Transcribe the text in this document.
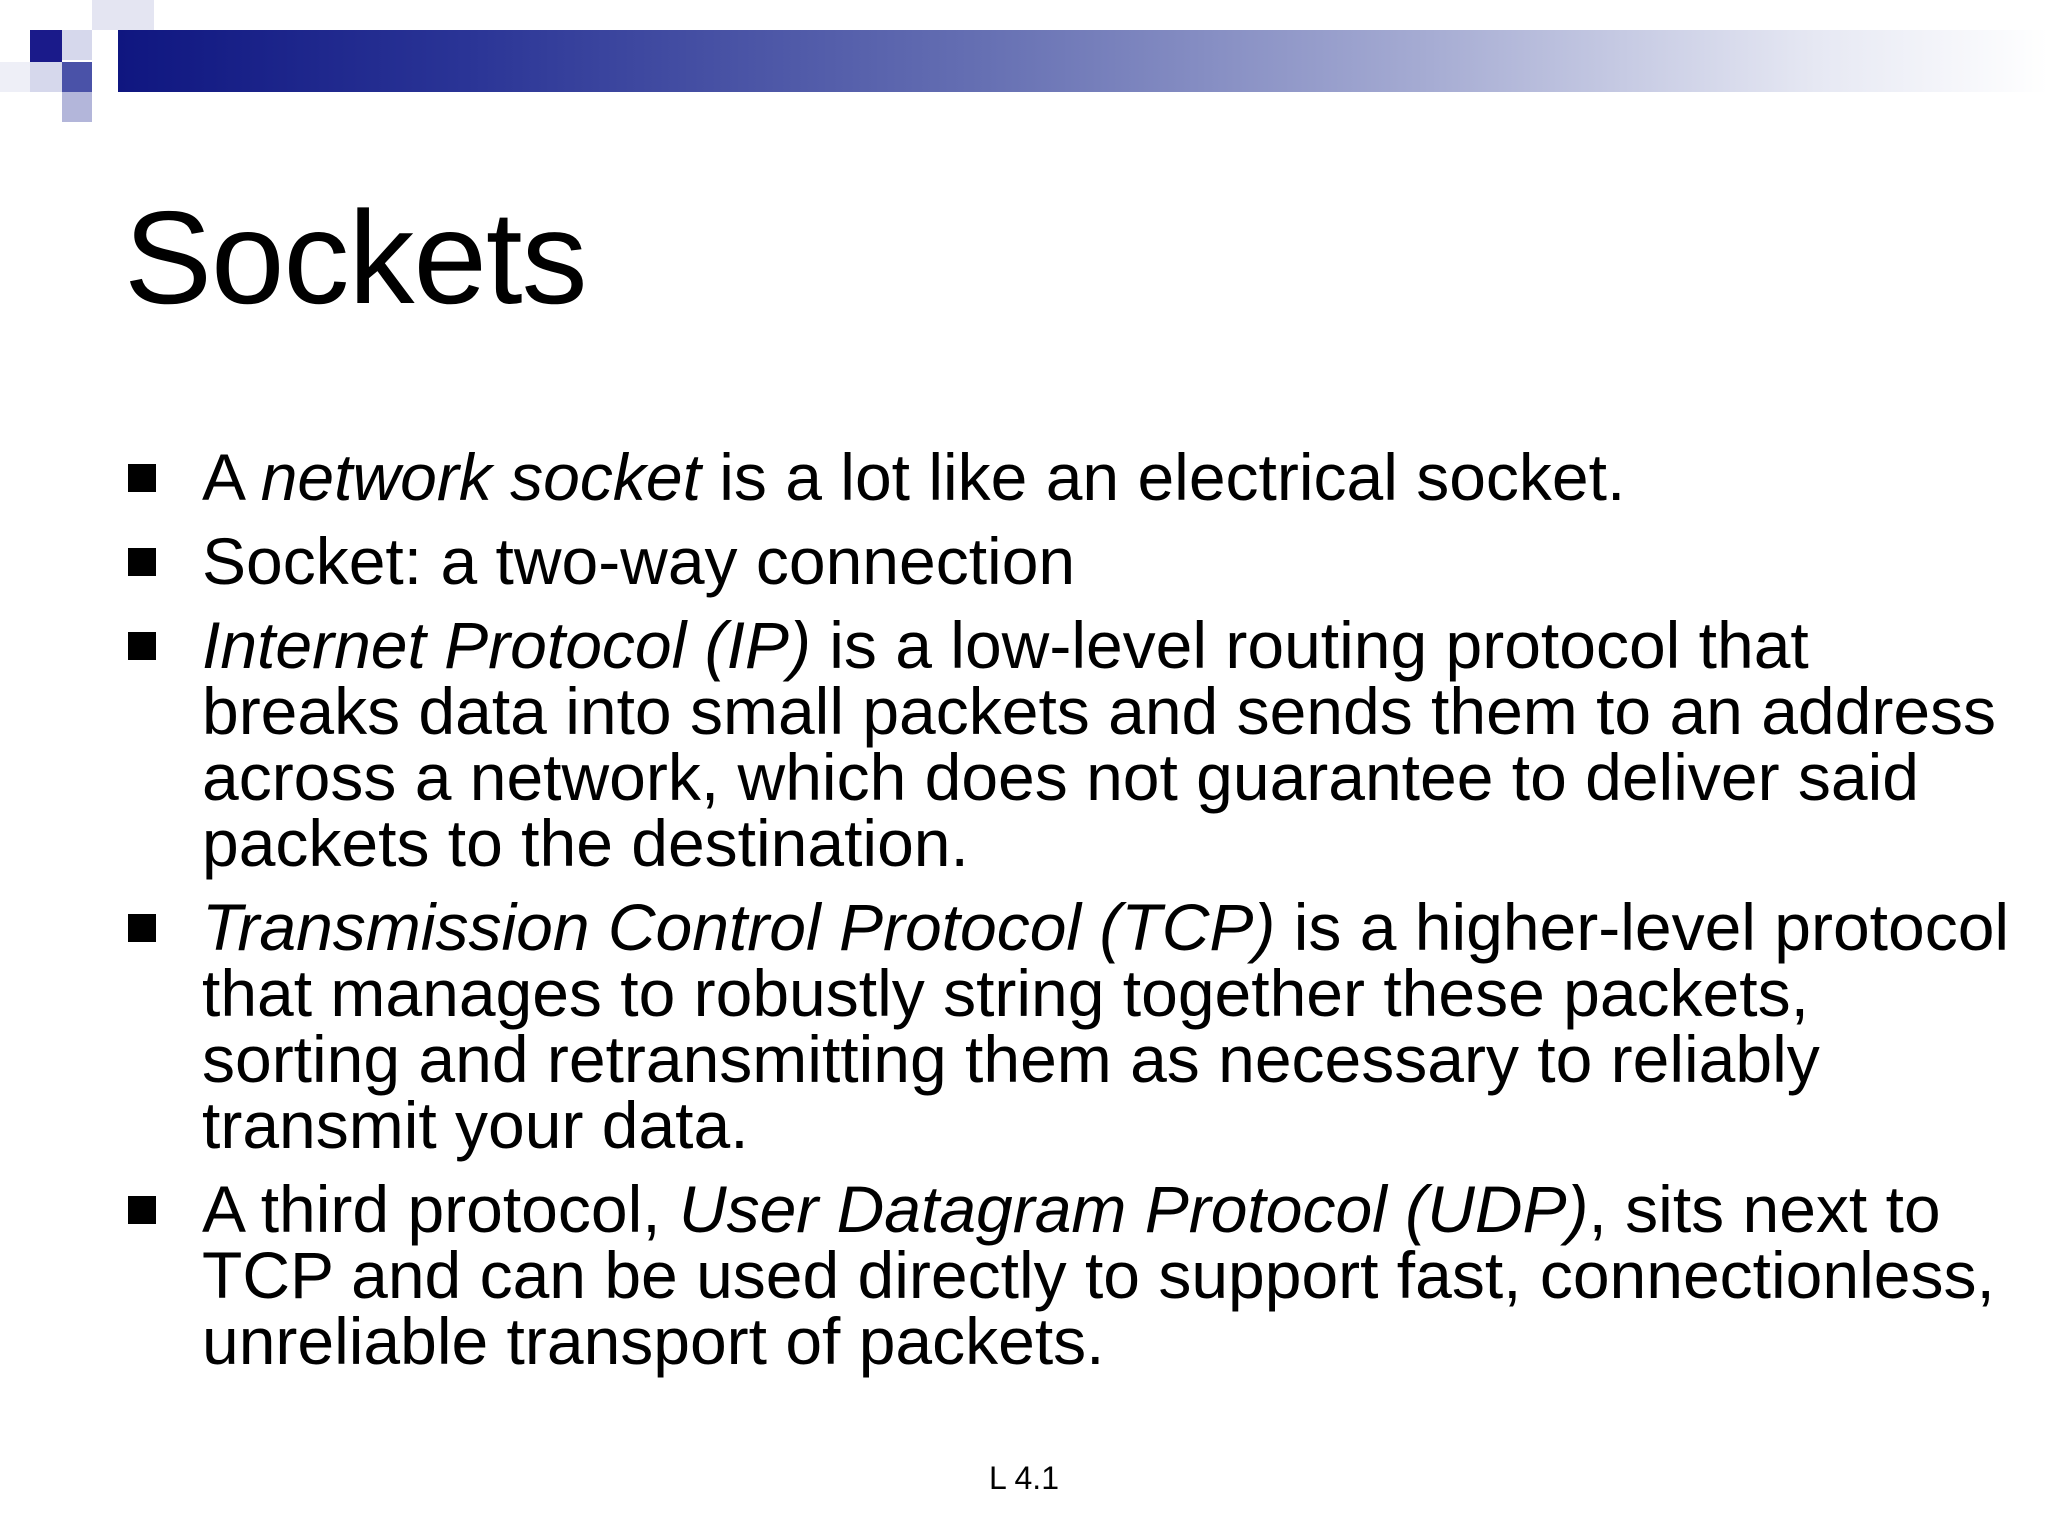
Sockets
A network socket is a lot like an electrical socket.
Socket: a two-way connection
Internet Protocol (IP) is a low-level routing protocol that breaks data into small packets and sends them to an address across a network, which does not guarantee to deliver said packets to the destination.
Transmission Control Protocol (TCP) is a higher-level protocol that manages to robustly string together these packets, sorting and retransmitting them as necessary to reliably transmit your data.
A third protocol, User Datagram Protocol (UDP), sits next to TCP and can be used directly to support fast, connectionless, unreliable transport of packets.
L 4.1
